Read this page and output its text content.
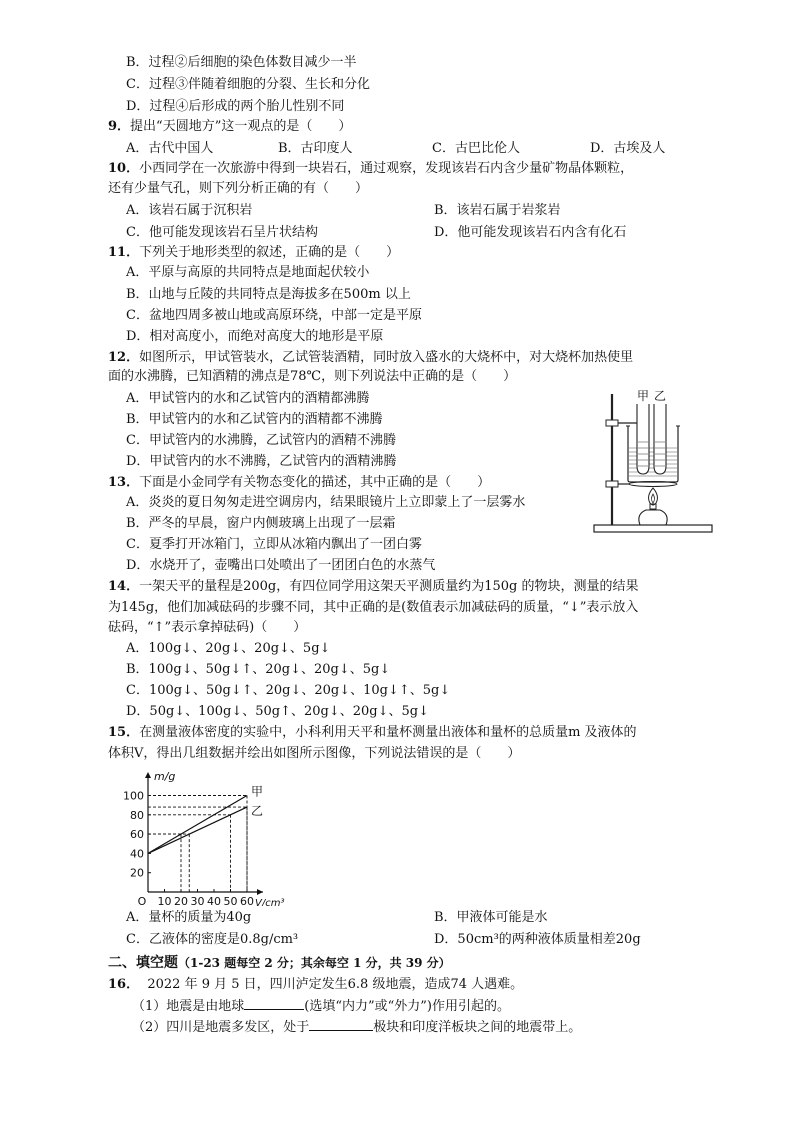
B．过程②后细胞的染色体数目减少一半
C．过程③伴随着细胞的分裂、生长和分化
D．过程④后形成的两个胎儿性别不同
9．提出“天圆地方”这一观点的是（　　）
A．古代中国人	B．古印度人	C．古巴比伦人	D．古埃及人
10．小西同学在一次旅游中得到一块岩石，通过观察，发现该岩石内含少量矿物晶体颗粒，
还有少量气孔，则下列分析正确的有（　　）
A．该岩石属于沉积岩	B．该岩石属于岩浆岩
C．他可能发现该岩石呈片状结构	D．他可能发现该岩石内含有化石
11．下列关于地形类型的叙述，正确的是（　　）
A．平原与高原的共同特点是地面起伏较小
B．山地与丘陵的共同特点是海拔多在500m 以上
C．盆地四周多被山地或高原环绕，中部一定是平原
D．相对高度小，而绝对高度大的地形是平原
12．如图所示，甲试管装水，乙试管装酒精，同时放入盛水的大烧杯中，对大烧杯加热使里
面的水沸腾，已知酒精的沸点是78℃，则下列说法中正确的是（　　）
A．甲试管内的水和乙试管内的酒精都沸腾
B．甲试管内的水和乙试管内的酒精都不沸腾
C．甲试管内的水沸腾，乙试管内的酒精不沸腾
D．甲试管内的水不沸腾，乙试管内的酒精沸腾
甲 乙
13．下面是小金同学有关物态变化的描述，其中正确的是（　　）
A．炎炎的夏日匆匆走进空调房内，结果眼镜片上立即蒙上了一层雾水
B．严冬的早晨，窗户内侧玻璃上出现了一层霜
C．夏季打开冰箱门，立即从冰箱内飘出了一团白雾
D．水烧开了，壶嘴出口处喷出了一团团白色的水蒸气
14．一架天平的量程是200g，有四位同学用这架天平测质量约为150g 的物块，测量的结果
为145g，他们加减砝码的步骤不同，其中正确的是(数值表示加减砝码的质量，“↓”表示放入
砝码，“↑”表示拿掉砝码)（　　）
A．100g↓、20g↓、20g↓、5g↓
B．100g↓、50g↓↑、20g↓、20g↓、5g↓
C．100g↓、50g↓↑、20g↓、20g↓、10g↓↑、5g↓
D．50g↓、100g↓、50g↑、20g↓、20g↓、5g↓
15．在测量液体密度的实验中，小科利用天平和量杯测量出液体和量杯的总质量m 及液体的
体积V，得出几组数据并绘出如图所示图像，下列说法错误的是（　　）
m/g
V/cm³
10 20 30 40 50 60
O
20
40
60
80
100	甲
乙
A．量杯的质量为40g	B．甲液体可能是水
C．乙液体的密度是0.8g/cm³	D．50cm³的两种液体质量相差20g
二、填空题（1-23 题每空 2 分；其余每空 1 分，共 39 分）
16． 2022 年 9 月 5 日，四川泸定发生6.8 级地震，造成74 人遇难。
（1）地震是由地球	(选填“内力”或“外力”)作用引起的。
（2）四川是地震多发区，处于	极块和印度洋板块之间的地震带上。
